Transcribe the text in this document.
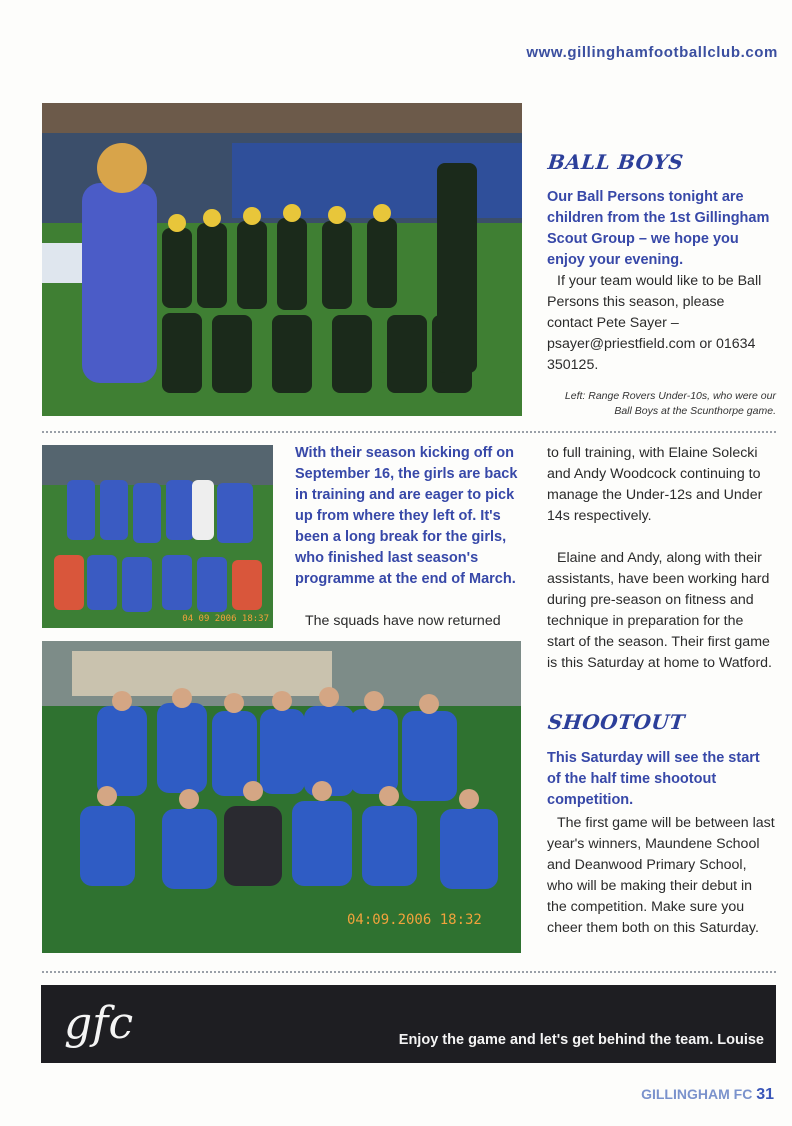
www.gillinghamfootballclub.com
BALL BOYS
Our Ball Persons tonight are children from the 1st Gillingham Scout Group – we hope you enjoy your evening.
If your team would like to be Ball Persons this season, please contact Pete Sayer – psayer@priestfield.com or 01634 350125.
Left: Range Rovers Under-10s, who were our Ball Boys at the Scunthorpe game.
04 09 2006 18:37
With their season kicking off on September 16, the girls are back in training and are eager to pick up from where they left of. It's been a long break for the girls, who finished last season's programme at the end of March.
The squads have now returned
04:09.2006 18:32
to full training, with Elaine Solecki and Andy Woodcock continuing to manage the Under-12s and Under 14s respectively.
Elaine and Andy, along with their assistants, have been working hard during pre-season on fitness and technique in preparation for the start of the season. Their first game is this Saturday at home to Watford.
SHOOTOUT
This Saturday will see the start of the half time shootout competition.
The first game will be between last year's winners, Maundene School and Deanwood Primary School, who will be making their debut in the competition. Make sure you cheer them both on this Saturday.
gfc	Enjoy the game and let's get behind the team. Louise
GILLINGHAM FC 31
